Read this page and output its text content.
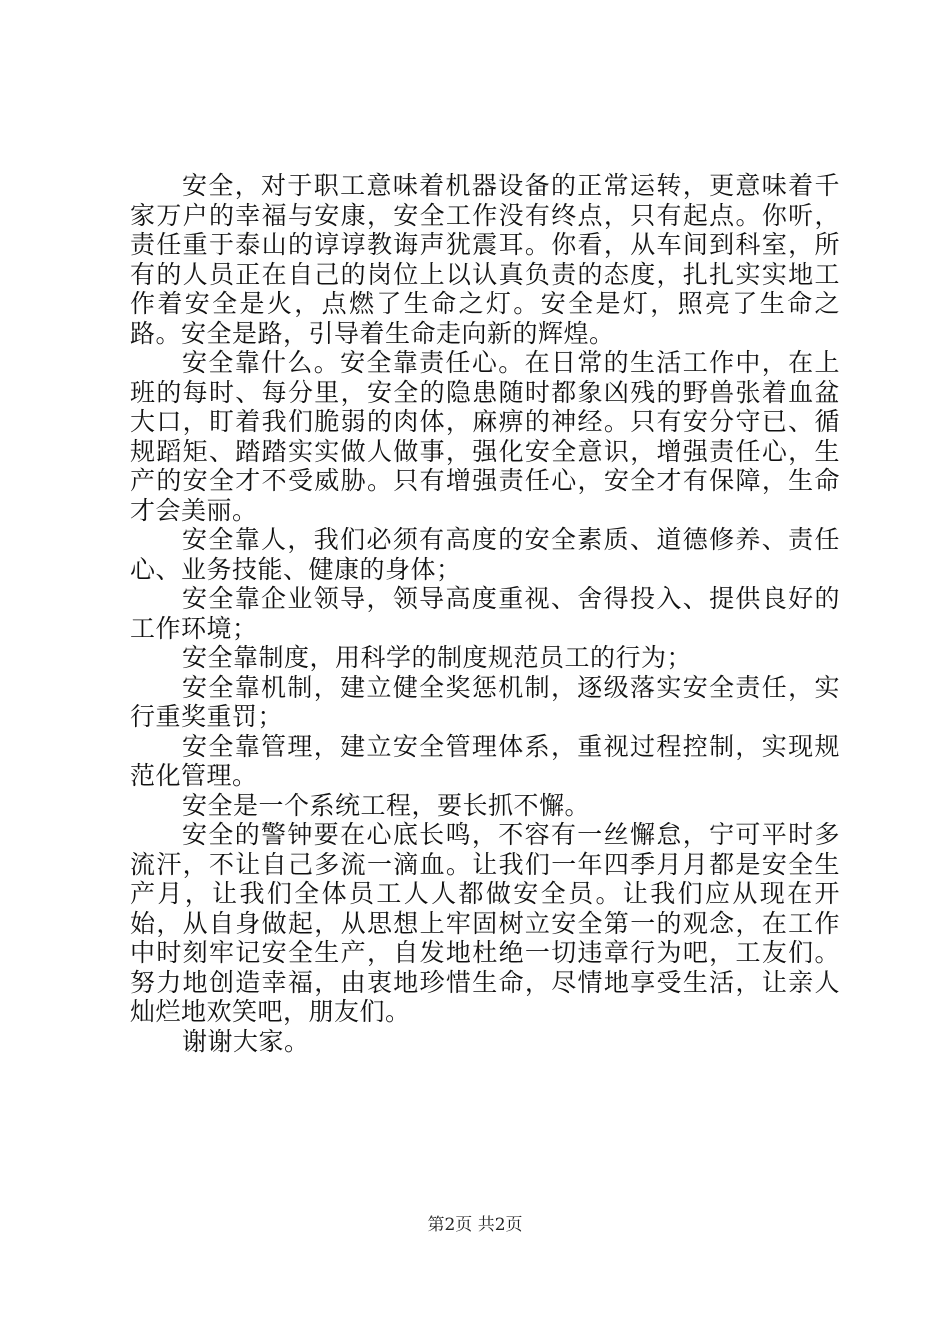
安全，对于职工意味着机器设备的正常运转，更意味着千家万户的幸福与安康，安全工作没有终点，只有起点。你听，责任重于泰山的谆谆教诲声犹震耳。你看，从车间到科室，所有的人员正在自己的岗位上以认真负责的态度，扎扎实实地工作着安全是火，点燃了生命之灯。安全是灯，照亮了生命之路。安全是路，引导着生命走向新的辉煌。

安全靠什么。安全靠责任心。在日常的生活工作中，在上班的每时、每分里，安全的隐患随时都象凶残的野兽张着血盆大口，盯着我们脆弱的肉体，麻痹的神经。只有安分守已、循规蹈矩、踏踏实实做人做事，强化安全意识，增强责任心，生产的安全才不受威胁。只有增强责任心，安全才有保障，生命才会美丽。

安全靠人，我们必须有高度的安全素质、道德修养、责任心、业务技能、健康的身体；

安全靠企业领导，领导高度重视、舍得投入、提供良好的工作环境；

安全靠制度，用科学的制度规范员工的行为；

安全靠机制，建立健全奖惩机制，逐级落实安全责任，实行重奖重罚；

安全靠管理，建立安全管理体系，重视过程控制，实现规范化管理。

安全是一个系统工程，要长抓不懈。

安全的警钟要在心底长鸣，不容有一丝懈怠，宁可平时多流汗，不让自己多流一滴血。让我们一年四季月月都是安全生产月，让我们全体员工人人都做安全员。让我们应从现在开始，从自身做起，从思想上牢固树立安全第一的观念，在工作中时刻牢记安全生产，自发地杜绝一切违章行为吧，工友们。努力地创造幸福，由衷地珍惜生命，尽情地享受生活，让亲人灿烂地欢笑吧，朋友们。

谢谢大家。

第2页 共2页
